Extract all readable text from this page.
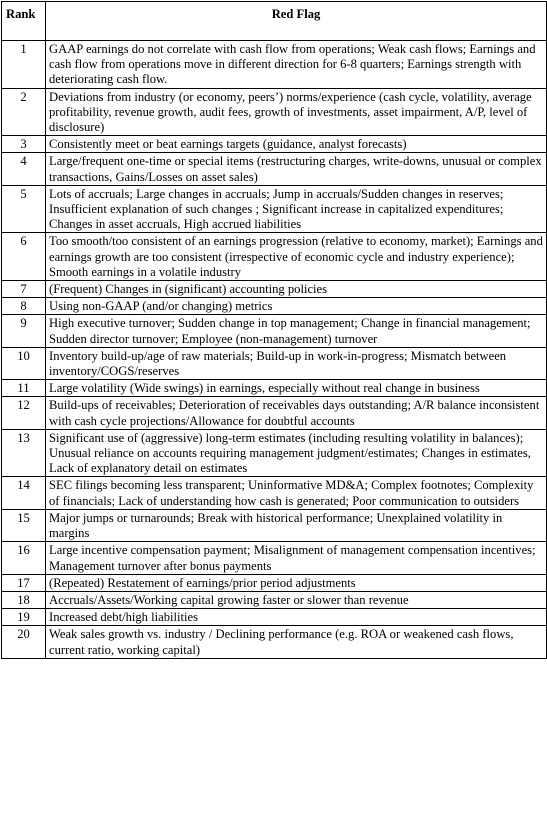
Rank	Red Flag
1	GAAP earnings do not correlate with cash flow from operations; Weak cash flows; Earnings and cash flow from operations move in different direction for 6-8 quarters; Earnings strength with deteriorating cash flow.
2	Deviations from industry (or economy, peers’) norms/experience (cash cycle, volatility, average profitability, revenue growth, audit fees, growth of investments, asset impairment, A/P, level of disclosure)
3	Consistently meet or beat earnings targets (guidance, analyst forecasts)
4	Large/frequent one-time or special items (restructuring charges, write-downs, unusual or complex transactions, Gains/Losses on asset sales)
5	Lots of accruals; Large changes in accruals; Jump in accruals/Sudden changes in reserves; Insufficient explanation of such changes ; Significant increase in capitalized expenditures; Changes in asset accruals, High accrued liabilities
6	Too smooth/too consistent of an earnings progression (relative to economy, market); Earnings and earnings growth are too consistent (irrespective of economic cycle and industry experience); Smooth earnings in a volatile industry
7	(Frequent) Changes in (significant) accounting policies
8	Using non-GAAP (and/or changing) metrics
9	High executive turnover; Sudden change in top management; Change in financial management; Sudden director turnover; Employee (non-management) turnover
10	Inventory build-up/age of raw materials; Build-up in work-in-progress; Mismatch between inventory/COGS/reserves
11	Large volatility (Wide swings) in earnings, especially without real change in business
12	Build-ups of receivables; Deterioration of receivables days outstanding; A/R balance inconsistent with cash cycle projections/Allowance for doubtful accounts
13	Significant use of (aggressive) long-term estimates (including resulting volatility in balances); Unusual reliance on accounts requiring management judgment/estimates; Changes in estimates, Lack of explanatory detail on estimates
14	SEC filings becoming less transparent; Uninformative MD&A; Complex footnotes; Complexity of financials; Lack of understanding how cash is generated; Poor communication to outsiders
15	Major jumps or turnarounds; Break with historical performance; Unexplained volatility in margins
16	Large incentive compensation payment; Misalignment of management compensation incentives; Management turnover after bonus payments
17	(Repeated) Restatement of earnings/prior period adjustments
18	Accruals/Assets/Working capital growing faster or slower than revenue
19	Increased debt/high liabilities
20	Weak sales growth vs. industry / Declining performance (e.g. ROA or weakened cash flows, current ratio, working capital)
